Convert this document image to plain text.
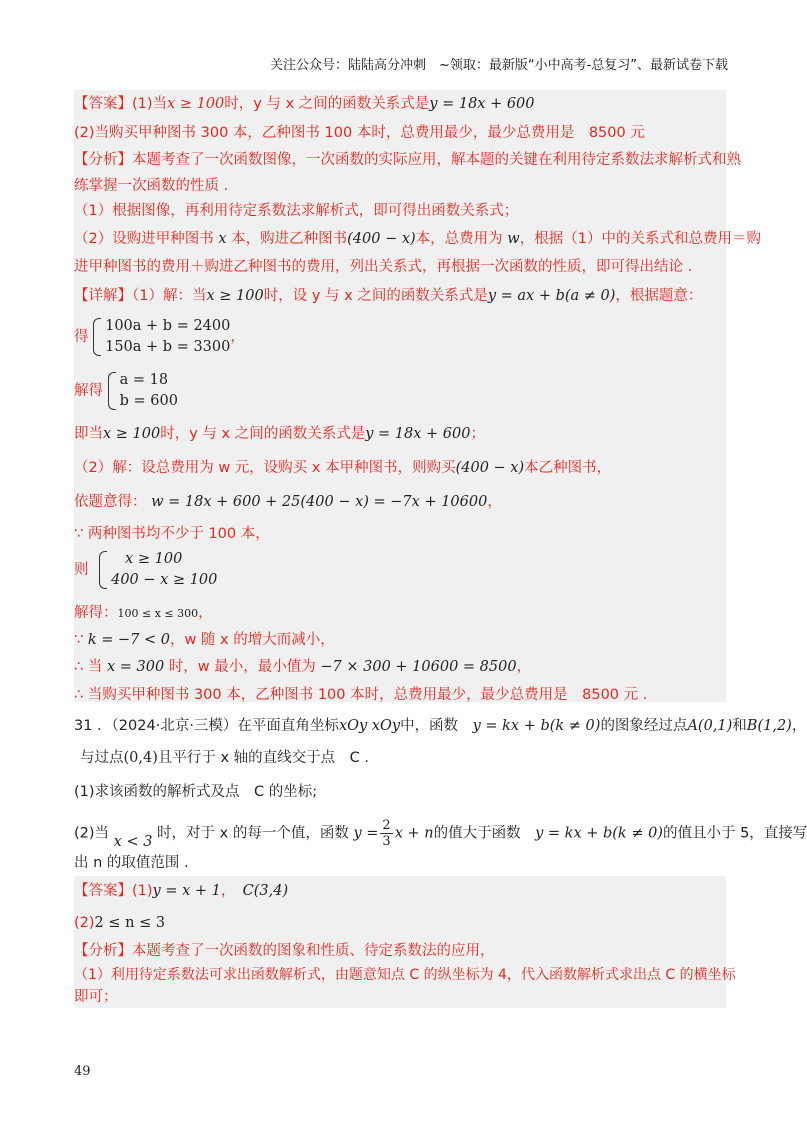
关注公众号：陆陆高分冲刺　~领取：最新版“小中高考-总复习”、最新试卷下载
【答案】(1)当x ≥ 100时，y 与 x 之间的函数关系式是y = 18x + 600
(2)当购买甲种图书 300 本，乙种图书 100 本时，总费用最少，最少总费用是　8500 元
【分析】本题考查了一次函数图像，一次函数的实际应用，解本题的关键在利用待定系数法求解析式和熟
练掌握一次函数的性质 .
（1）根据图像，再利用待定系数法求解析式，即可得出函数关系式；
（2）设购进甲种图书 x 本，购进乙种图书(400 − x)本，总费用为 w，根据（1）中的关系式和总费用＝购
进甲种图书的费用＋购进乙种图书的费用，列出关系式，再根据一次函数的性质，即可得出结论 .
【详解】（1）解：当x ≥ 100时，设 y 与 x 之间的函数关系式是y = ax + b(a ≠ 0)，根据题意：
得
100a + b = 2400
150a + b = 3300
，
解得
a = 18
b = 600
即当x ≥ 100时，y 与 x 之间的函数关系式是y = 18x + 600；
（2）解：设总费用为 w 元，设购买 x 本甲种图书，则购买(400 − x)本乙种图书，
依题意得： w = 18x + 600 + 25(400 − x) = −7x + 10600，
∵ 两种图书均不少于 100 本，
则
x ≥ 100
400 − x ≥ 100
解得：100 ≤ x ≤ 300，
∵ k = −7 < 0，w 随 x 的增大而减小，
∴ 当 x = 300 时，w 最小，最小值为 −7 × 300 + 10600 = 8500，
∴ 当购买甲种图书 300 本，乙种图书 100 本时，总费用最少，最少总费用是　8500 元 .
31 ．（2024·北京·三模）在平面直角坐标xOy xOy中，函数　 y = kx + b(k ≠ 0)的图象经过点A(0,1)和B(1,2)，
与过点(0,4)且平行于 x 轴的直线交于点　C .
(1)求该函数的解析式及点　C 的坐标;
(2)当 x < 3 时，对于 x 的每一个值，函数 $y = \frac{2}{3}$ x + n的值大于函数　 y = kx + b(k ≠ 0)的值且小于 5，直接写
出 n 的取值范围 .
【答案】(1)y = x + 1，　 C(3,4)
(2)2 ≤ n ≤ 3
【分析】本题考查了一次函数的图象和性质、待定系数法的应用，
（1）利用待定系数法可求出函数解析式，由题意知点 C 的纵坐标为 4，代入函数解析式求出点 C 的横坐标
即可；
49
